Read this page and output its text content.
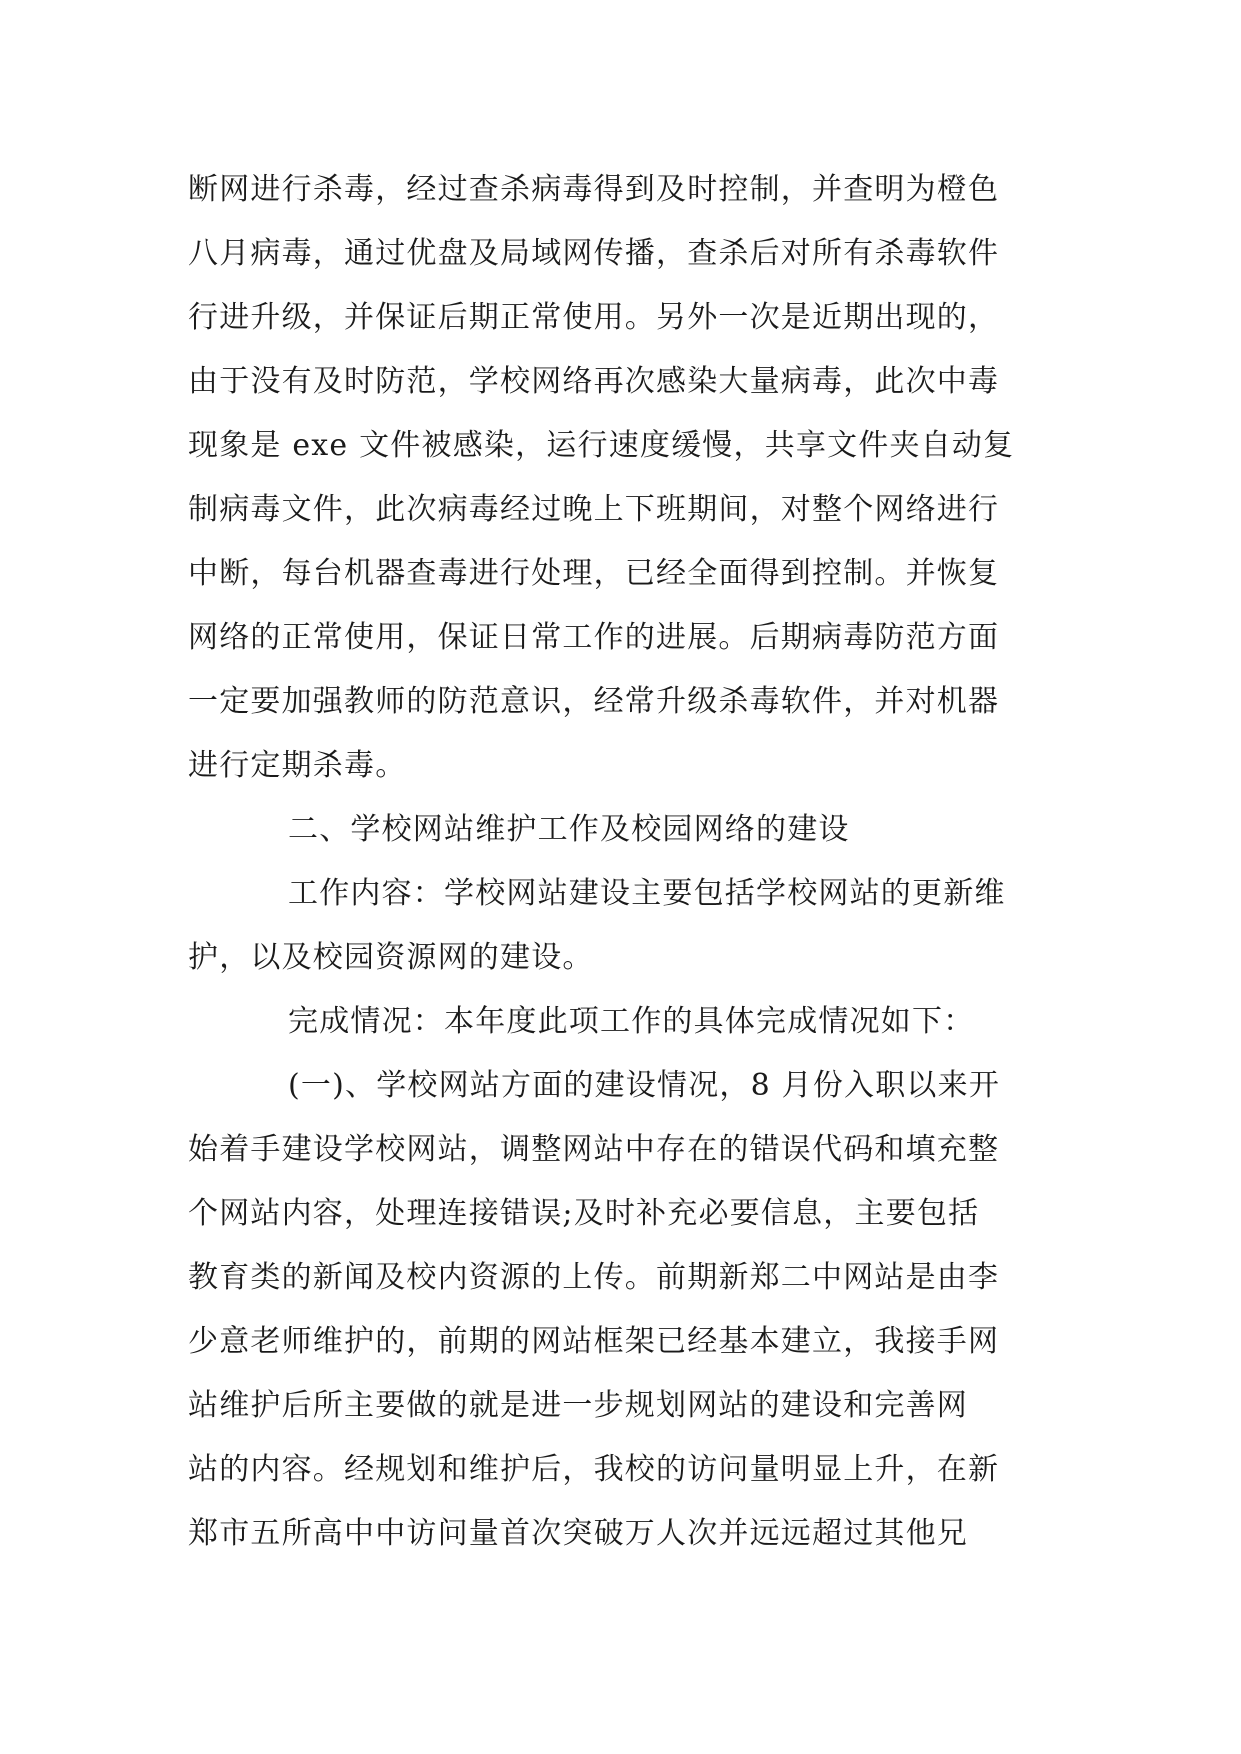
断网进行杀毒，经过查杀病毒得到及时控制，并查明为橙色
八月病毒，通过优盘及局域网传播，查杀后对所有杀毒软件
行进升级，并保证后期正常使用。另外一次是近期出现的，
由于没有及时防范，学校网络再次感染大量病毒，此次中毒
现象是 exe 文件被感染，运行速度缓慢，共享文件夹自动复
制病毒文件，此次病毒经过晚上下班期间，对整个网络进行
中断，每台机器查毒进行处理，已经全面得到控制。并恢复
网络的正常使用，保证日常工作的进展。后期病毒防范方面
一定要加强教师的防范意识，经常升级杀毒软件，并对机器
进行定期杀毒。
二、学校网站维护工作及校园网络的建设
工作内容：学校网站建设主要包括学校网站的更新维
护，以及校园资源网的建设。
完成情况：本年度此项工作的具体完成情况如下：
(一)、学校网站方面的建设情况，8 月份入职以来开
始着手建设学校网站，调整网站中存在的错误代码和填充整
个网站内容，处理连接错误;及时补充必要信息，主要包括
教育类的新闻及校内资源的上传。前期新郑二中网站是由李
少意老师维护的，前期的网站框架已经基本建立，我接手网
站维护后所主要做的就是进一步规划网站的建设和完善网
站的内容。经规划和维护后，我校的访问量明显上升，在新
郑市五所高中中访问量首次突破万人次并远远超过其他兄
